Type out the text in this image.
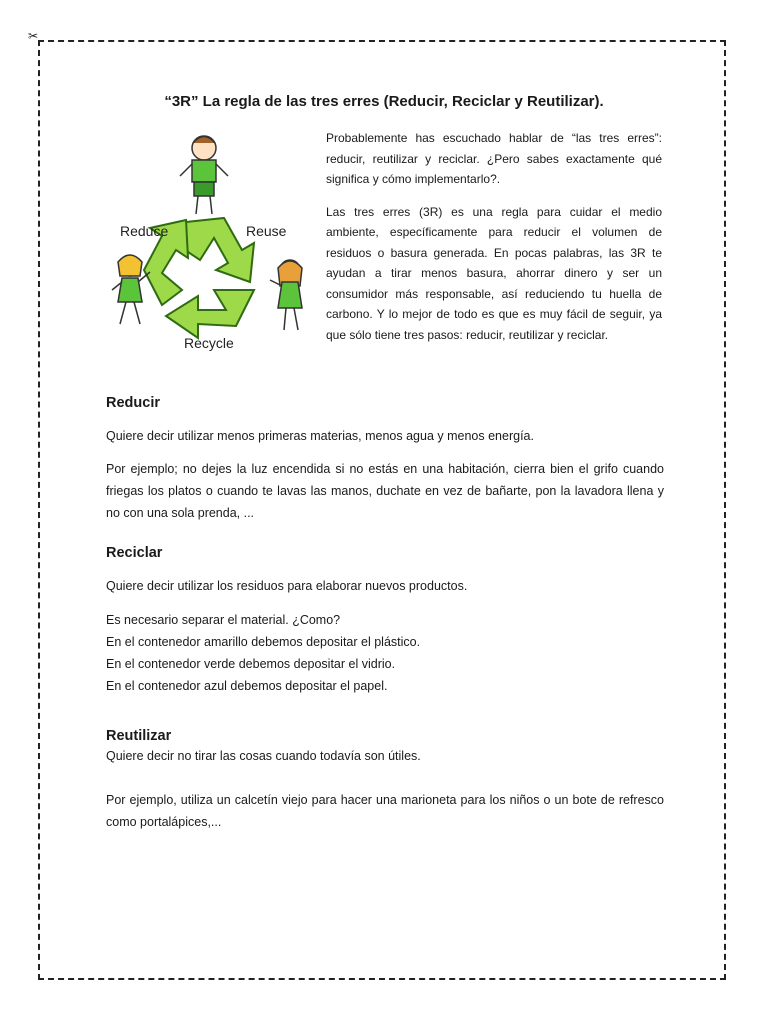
✂
“3R” La regla de las tres erres (Reducir, Reciclar y Reutilizar).
Reduce	Reuse
Recycle

Probablemente has escuchado hablar de “las tres erres”: reducir, reutilizar y reciclar. ¿Pero sabes exactamente qué significa y cómo implementarlo?.

Las tres erres (3R) es una regla para cuidar el medio ambiente, específicamente para reducir el volumen de residuos o basura generada. En pocas palabras, las 3R te ayudan a tirar menos basura, ahorrar dinero y ser un consumidor más responsable, así reduciendo tu huella de carbono. Y lo mejor de todo es que es muy fácil de seguir, ya que sólo tiene tres pasos: reducir, reutilizar y reciclar.

Reducir

Quiere decir utilizar menos primeras materias, menos agua y menos energía.

Por ejemplo; no dejes la luz encendida si no estás en una habitación, cierra bien el grifo cuando friegas los platos o cuando te lavas las manos, duchate en vez de bañarte, pon la lavadora llena y no con una sola prenda, ...

Reciclar

Quiere decir utilizar los residuos para elaborar nuevos productos.

Es necesario separar el material. ¿Como?
En el contenedor amarillo debemos depositar el plástico.
En el contenedor verde debemos depositar el vidrio.
En el contenedor azul debemos depositar el papel.
Reutilizar

Quiere decir no tirar las cosas cuando todavía son útiles.

Por ejemplo, utiliza un calcetín viejo para hacer una marioneta para los niños o un bote de refresco como portalápices,...
